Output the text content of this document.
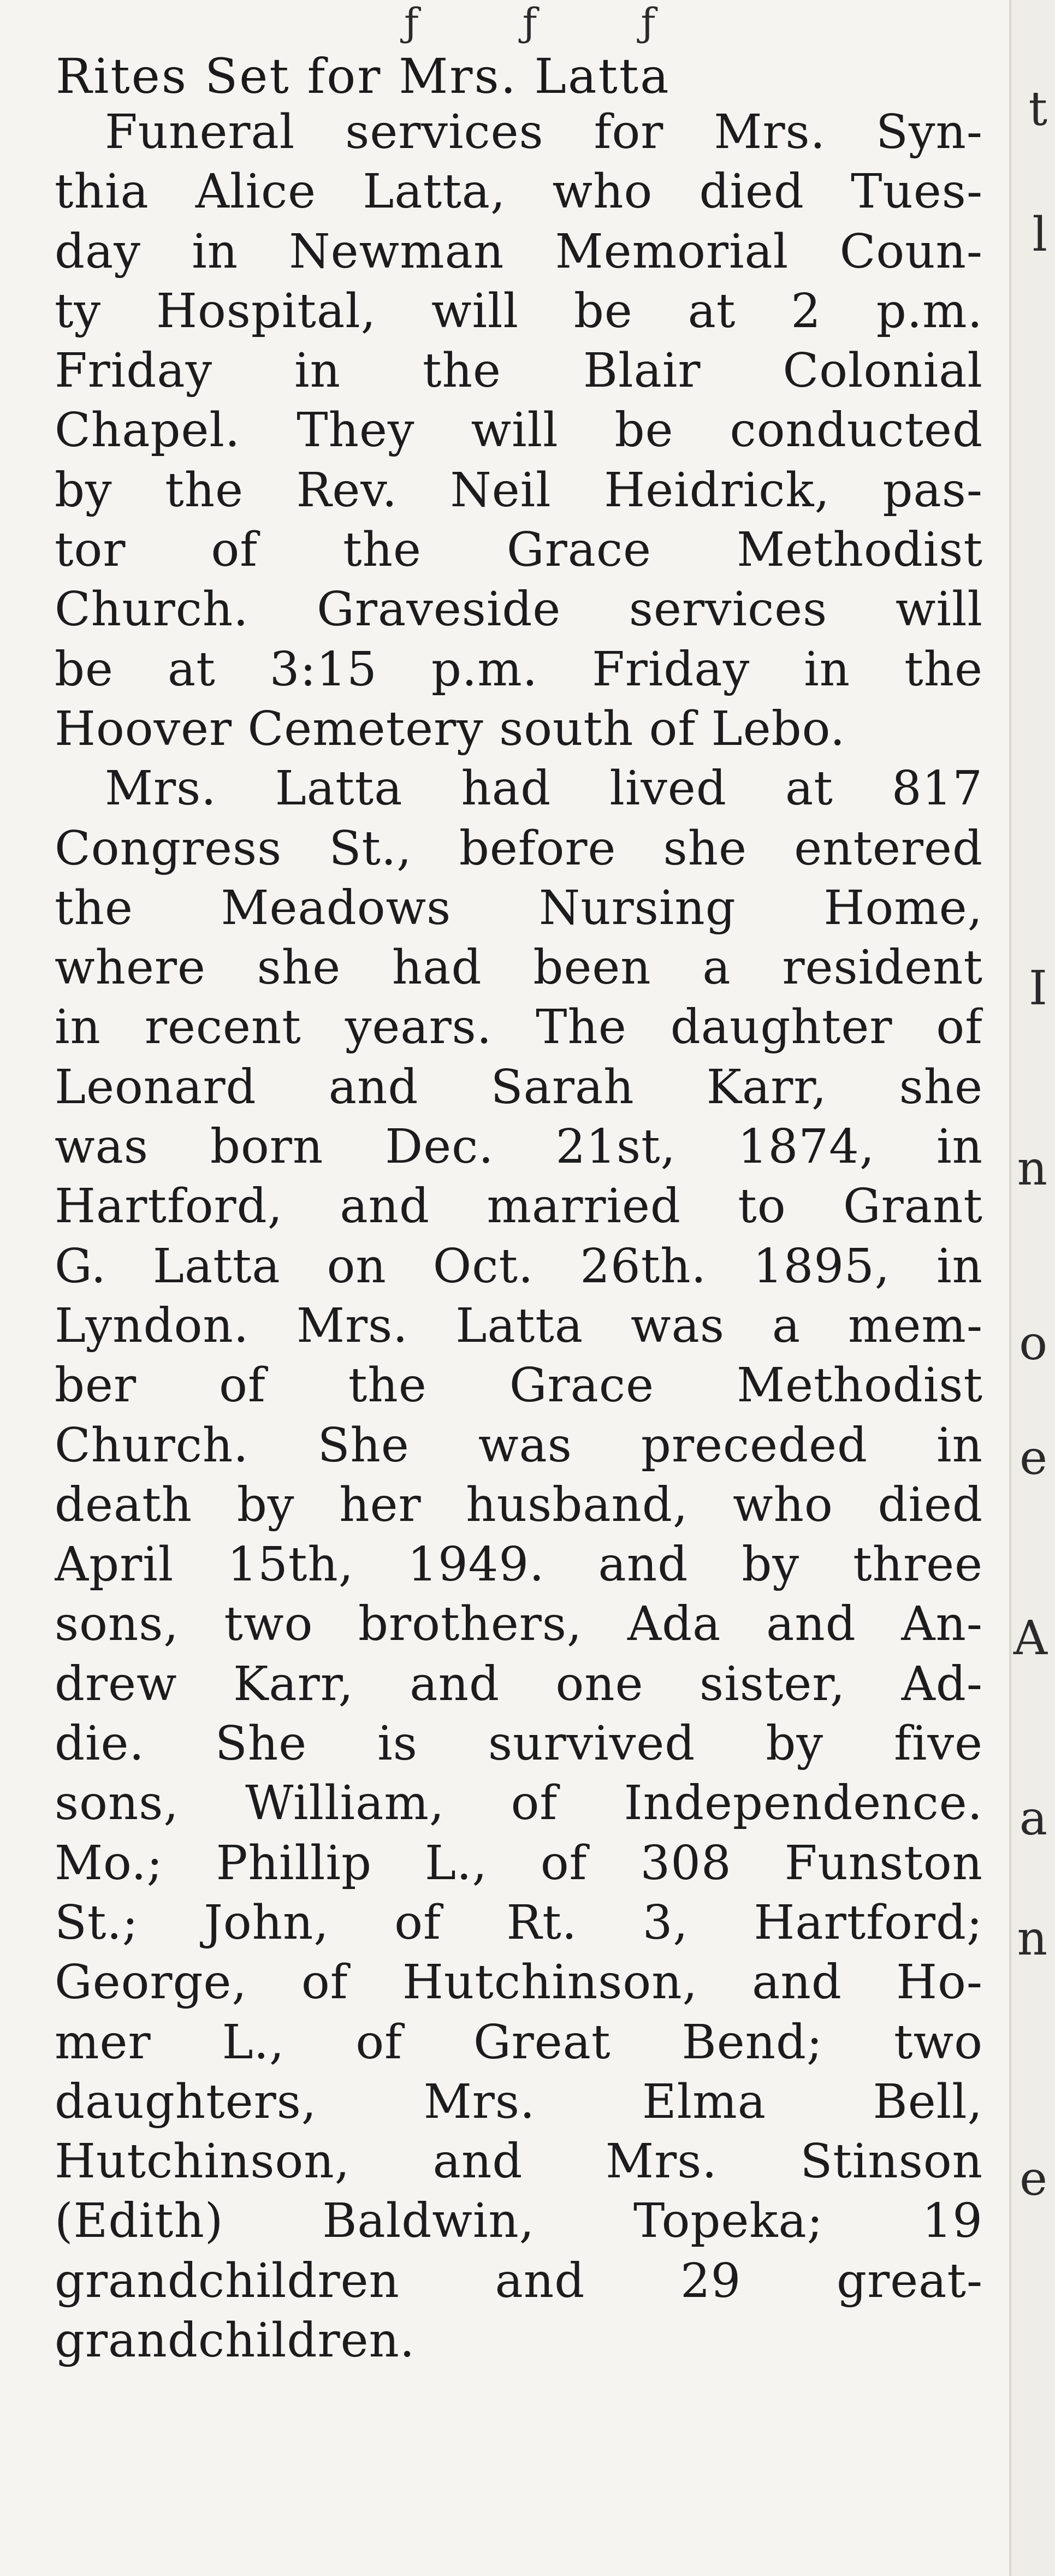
ƒ	ƒ	ƒ
Rites Set for Mrs. Latta
Funeral services for Mrs. Syn-
thia Alice Latta, who died Tues-
day in Newman Memorial Coun-
ty Hospital, will be at 2 p.m.
Friday in the Blair Colonial
Chapel. They will be conducted
by the Rev. Neil Heidrick, pas-
tor of the Grace Methodist
Church. Graveside services will
be at 3:15 p.m. Friday in the
Hoover Cemetery south of Lebo.
Mrs. Latta had lived at 817
Congress St., before she entered
the Meadows Nursing Home,
where she had been a resident
in recent years. The daughter of
Leonard and Sarah Karr, she
was born Dec. 21st, 1874, in
Hartford, and married to Grant
G. Latta on Oct. 26th. 1895, in
Lyndon. Mrs. Latta was a mem-
ber of the Grace Methodist
Church. She was preceded in
death by her husband, who died
April 15th, 1949. and by three
sons, two brothers, Ada and An-
drew Karr, and one sister, Ad-
die. She is survived by five
sons, William, of Independence.
Mo.; Phillip L., of 308 Funston
St.; John, of Rt. 3, Hartford;
George, of Hutchinson, and Ho-
mer L., of Great Bend; two
daughters, Mrs. Elma Bell,
Hutchinson, and Mrs. Stinson
(Edith) Baldwin, Topeka; 19
grandchildren and 29 great-
grandchildren.
t
l
I
n
o
e
A
a
n
e
